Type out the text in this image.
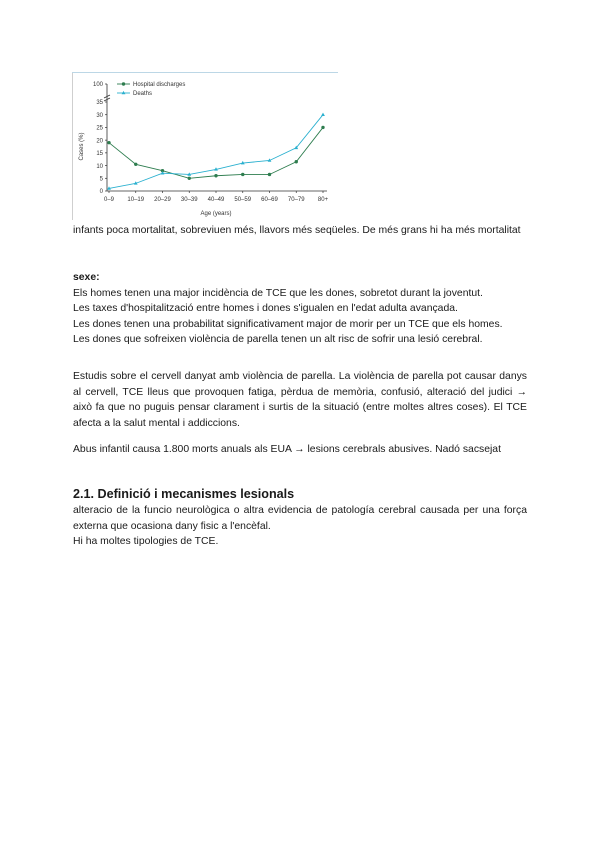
0
5
10
15
20
25
30
35
100
0–9 10–19 20–29 30–39 40–49 50–59 60–69 70–79 80+
Age (years)
Cases (%)
Hospital discharges
Deaths

infants poca mortalitat, sobreviuen més, llavors més seqüeles. De més grans hi ha més mortalitat

sexe:

Els homes tenen una major incidència de TCE que les dones, sobretot durant la joventut.

Les taxes d'hospitalització entre homes i dones s'igualen en l'edat adulta avançada.

Les dones tenen una probabilitat significativament major de morir per un TCE que els homes.

Les dones que sofreixen violència de parella tenen un alt risc de sofrir una lesió cerebral.

Estudis sobre el cervell danyat amb violència de parella. La violència de parella pot causar danys al cervell, TCE lleus que provoquen fatiga, pèrdua de memòria, confusió, alteració del judici → això fa que no puguis pensar clarament i surtis de la situació (entre moltes altres coses). El TCE afecta a la salut mental i addiccions.

Abus infantil causa 1.800 morts anuals als EUA → lesions cerebrals abusives. Nadó sacsejat

2.1. Definició i mecanismes lesionals

alteracio de la funcio neurològica o altra evidencia de patología cerebral causada per una força externa que ocasiona dany fisic a l'encèfal.

Hi ha moltes tipologies de TCE.
